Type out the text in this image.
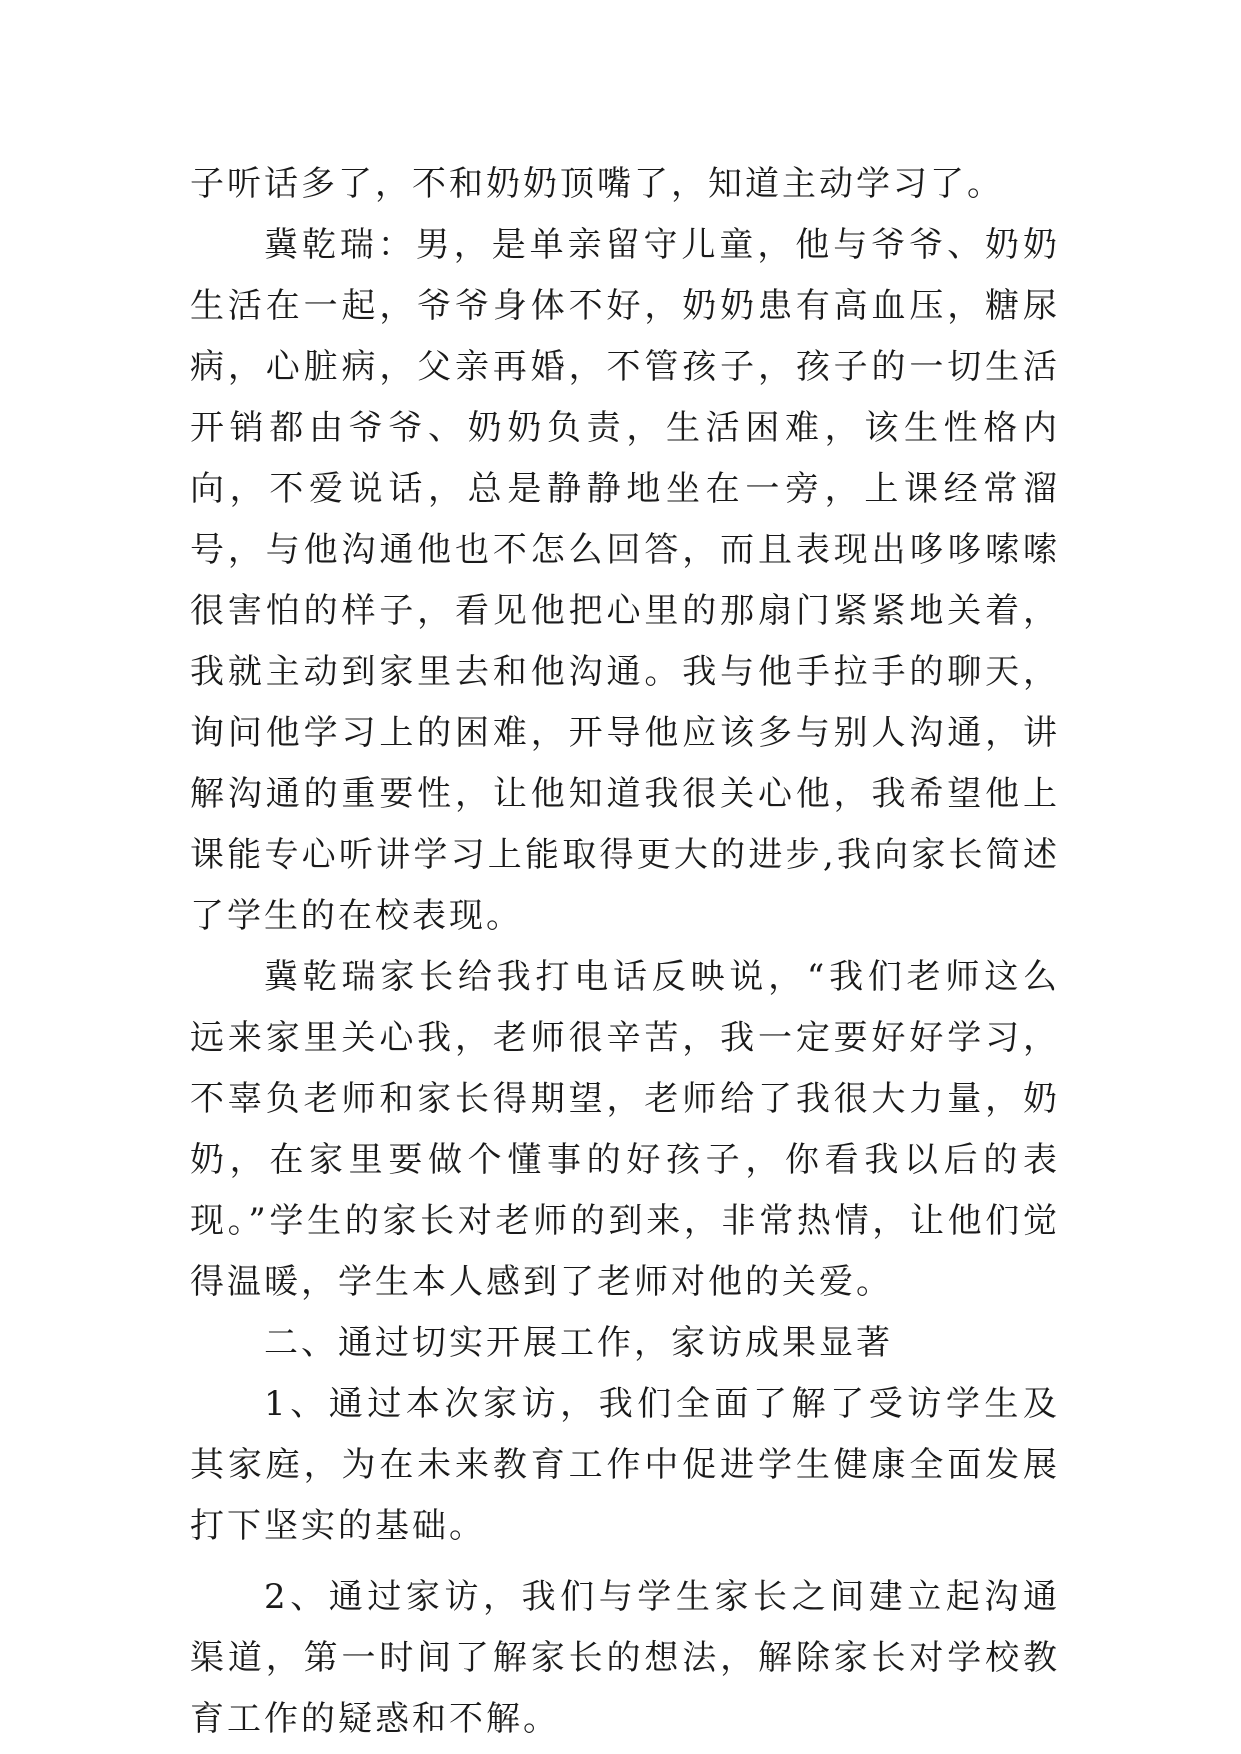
子听话多了，不和奶奶顶嘴了，知道主动学习了。

冀乾瑞：男，是单亲留守儿童，他与爷爷、奶奶生活在一起，爷爷身体不好，奶奶患有高血压，糖尿病，心脏病，父亲再婚，不管孩子，孩子的一切生活开销都由爷爷、奶奶负责，生活困难，该生性格内向，不爱说话，总是静静地坐在一旁，上课经常溜号，与他沟通他也不怎么回答，而且表现出哆哆嗦嗦很害怕的样子，看见他把心里的那扇门紧紧地关着，我就主动到家里去和他沟通。我与他手拉手的聊天，询问他学习上的困难，开导他应该多与别人沟通，讲解沟通的重要性，让他知道我很关心他，我希望他上课能专心听讲学习上能取得更大的进步,我向家长简述了学生的在校表现。

冀乾瑞家长给我打电话反映说，“我们老师这么远来家里关心我，老师很辛苦，我一定要好好学习，不辜负老师和家长得期望，老师给了我很大力量，奶奶，在家里要做个懂事的好孩子，你看我以后的表现。”学生的家长对老师的到来，非常热情，让他们觉得温暖，学生本人感到了老师对他的关爱。

二、通过切实开展工作，家访成果显著

1、通过本次家访，我们全面了解了受访学生及其家庭，为在未来教育工作中促进学生健康全面发展打下坚实的基础。

2、通过家访，我们与学生家长之间建立起沟通渠道，第一时间了解家长的想法，解除家长对学校教育工作的疑惑和不解。
